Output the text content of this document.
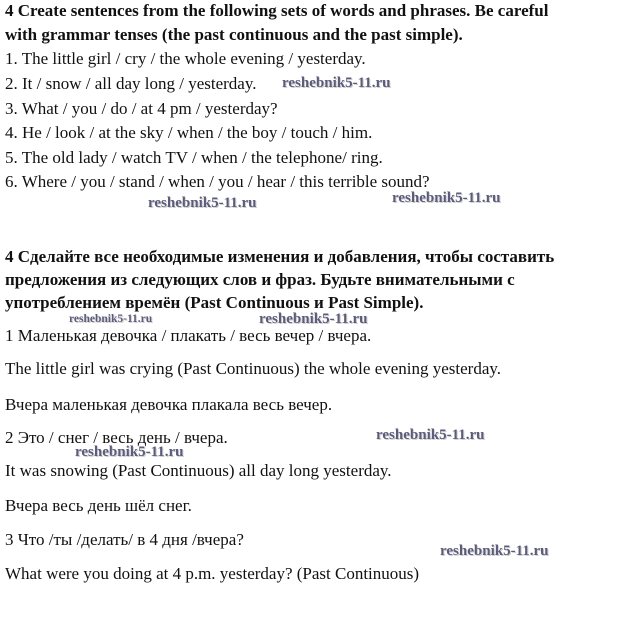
4 Create sentences from the following sets of words and phrases. Be careful
with grammar tenses (the past continuous and the past simple).
1. The little girl / cry / the whole evening / yesterday.
2. It / snow / all day long / yesterday.
3. What / you / do / at 4 pm / yesterday?
4. He / look / at the sky / when / the boy / touch / him.
5. The old lady / watch TV / when / the telephone/ ring.
6. Where / you / stand / when / you / hear / this terrible sound?
4 Сделайте все необходимые изменения и добавления, чтобы составить
предложения из следующих слов и фраз. Будьте внимательными с
употреблением времён (Past Continuous и Past Simple).
1 Маленькая девочка / плакать / весь вечер / вчера.
The little girl was crying (Past Continuous) the whole evening yesterday.
Вчера маленькая девочка плакала весь вечер.
2 Это / снег / весь день / вчера.
It was snowing (Past Continuous) all day long yesterday.
Вчера весь день шёл снег.
3 Что /ты /делать/ в 4 дня /вчера?
What were you doing at 4 p.m. yesterday? (Past Continuous)
reshebnik5-11.ru
reshebnik5-11.ru	reshebnik5-11.ru
reshebnik5-11.ru	reshebnik5-11.ru
reshebnik5-11.ru
reshebnik5-11.ru
reshebnik5-11.ru
